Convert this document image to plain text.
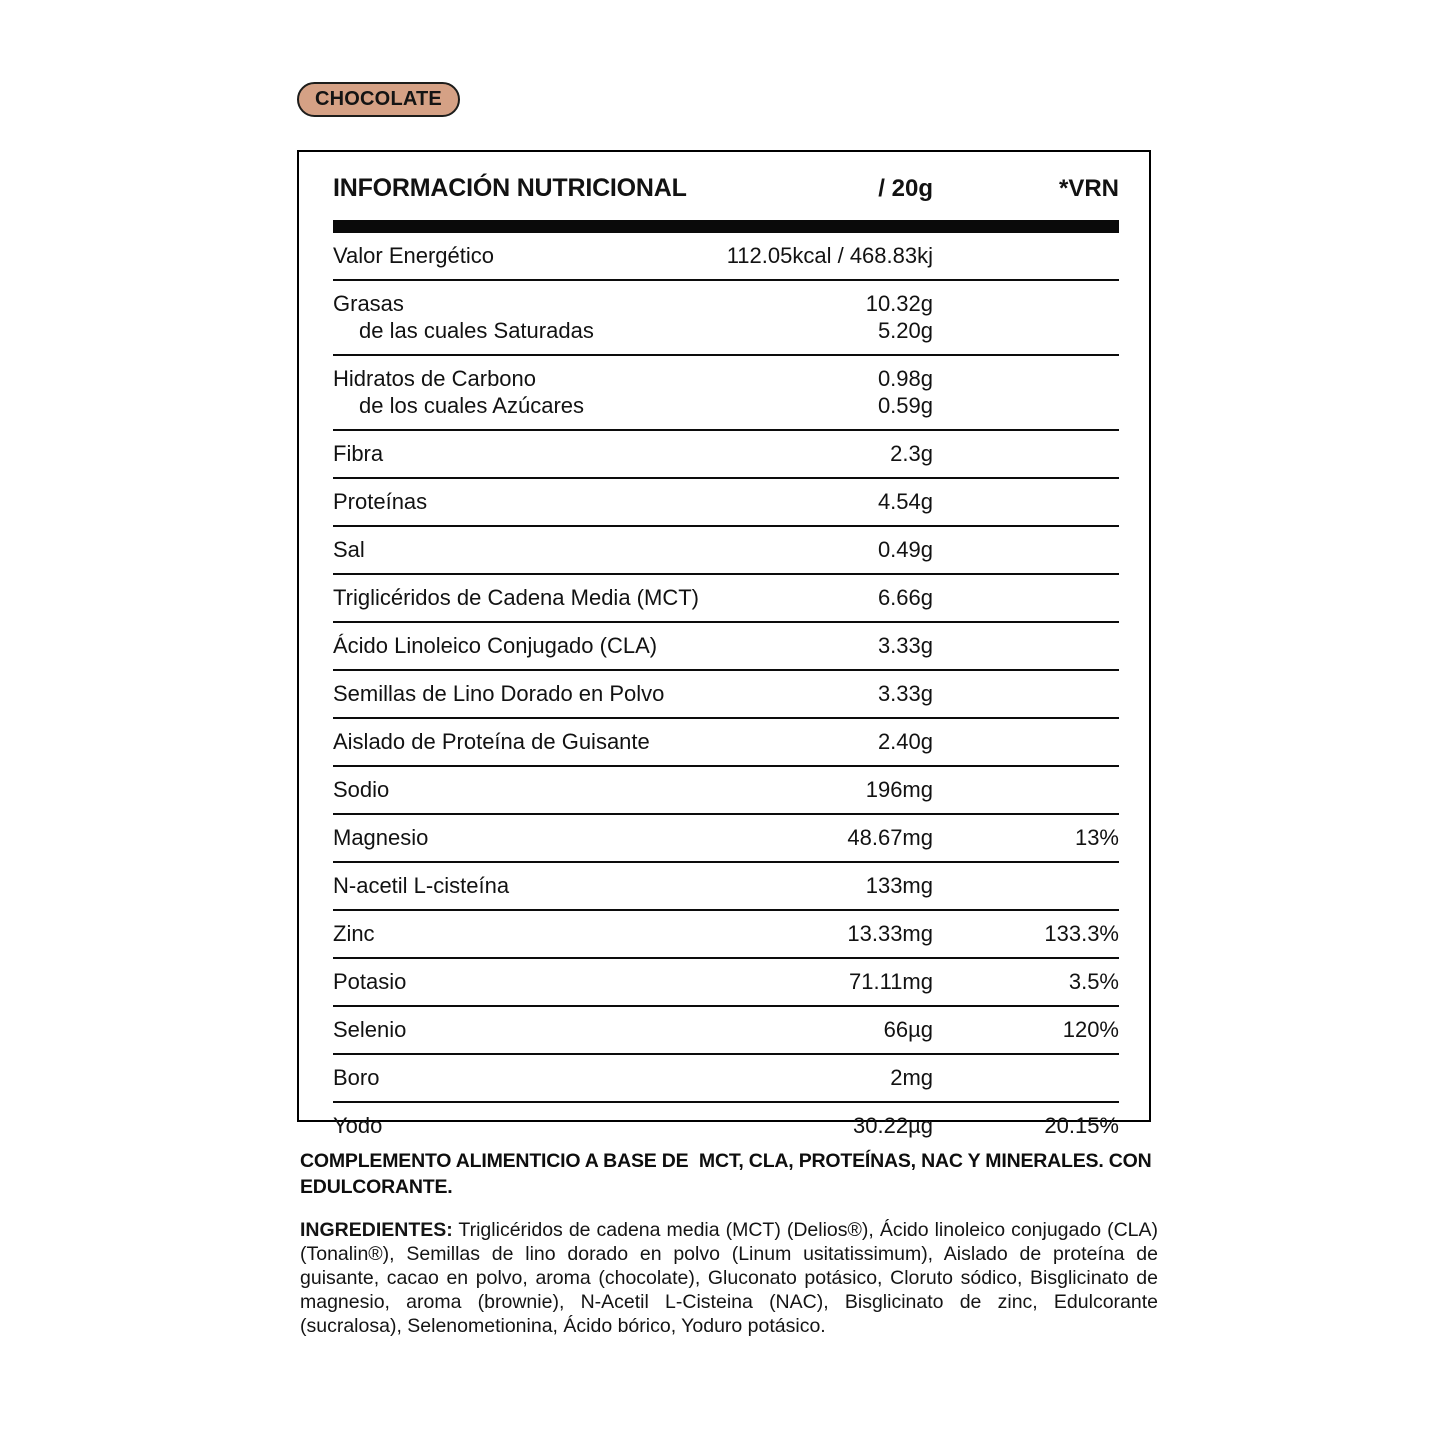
CHOCOLATE
INFORMACIÓN NUTRICIONAL	/ 20g	*VRN
Valor Energético	112.05kcal / 468.83kj
Grasas	10.32g
de las cuales Saturadas	5.20g
Hidratos de Carbono	0.98g
de los cuales Azúcares	0.59g
Fibra	2.3g
Proteínas	4.54g
Sal	0.49g
Triglicéridos de Cadena Media (MCT)	6.66g
Ácido Linoleico Conjugado (CLA)	3.33g
Semillas de Lino Dorado en Polvo	3.33g
Aislado de Proteína de Guisante	2.40g
Sodio	196mg
Magnesio	48.67mg	13%
N-acetil L-cisteína	133mg
Zinc	13.33mg	133.3%
Potasio	71.11mg	3.5%
Selenio	66µg	120%
Boro	2mg
Yodo	30.22µg	20.15%
COMPLEMENTO ALIMENTICIO A BASE DE  MCT, CLA, PROTEÍNAS, NAC Y MINERALES. CON EDULCORANTE.

INGREDIENTES: Triglicéridos de cadena media (MCT) (Delios®), Ácido linoleico conjugado (CLA) (Tonalin®), Semillas de lino dorado en polvo (Linum usitatissimum), Aislado de proteína de guisante, cacao en polvo, aroma (chocolate), Gluconato potásico, Cloruto sódico, Bisglicinato de magnesio, aroma (brownie), N-Acetil L-Cisteina (NAC), Bisglicinato de zinc, Edulcorante (sucralosa), Selenometionina, Ácido bórico, Yoduro potásico.
